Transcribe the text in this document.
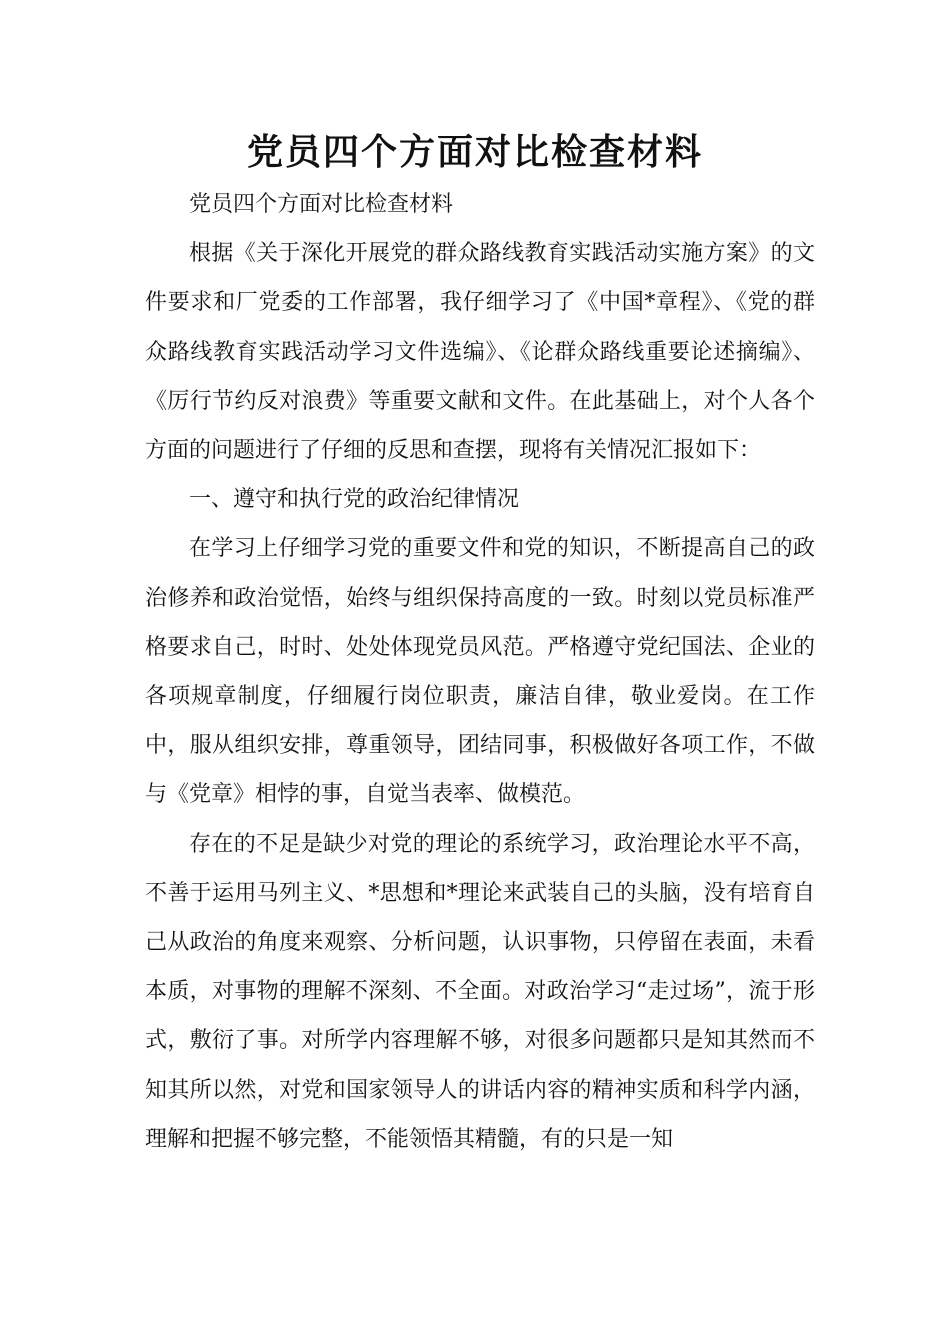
党员四个方面对比检查材料

党员四个方面对比检查材料

根据《关于深化开展党的群众路线教育实践活动实施方案》的文件要求和厂党委的工作部署，我仔细学习了《中国*章程》、《党的群众路线教育实践活动学习文件选编》、《论群众路线重要论述摘编》、《厉行节约反对浪费》等重要文献和文件。在此基础上，对个人各个方面的问题进行了仔细的反思和查摆，现将有关情况汇报如下：

一、遵守和执行党的政治纪律情况

在学习上仔细学习党的重要文件和党的知识，不断提高自己的政治修养和政治觉悟，始终与组织保持高度的一致。时刻以党员标准严格要求自己，时时、处处体现党员风范。严格遵守党纪国法、企业的各项规章制度，仔细履行岗位职责，廉洁自律，敬业爱岗。在工作中，服从组织安排，尊重领导，团结同事，积极做好各项工作，不做与《党章》相悖的事，自觉当表率、做模范。

存在的不足是缺少对党的理论的系统学习，政治理论水平不高，不善于运用马列主义、*思想和*理论来武装自己的头脑，没有培育自己从政治的角度来观察、分析问题，认识事物，只停留在表面，未看本质，对事物的理解不深刻、不全面。对政治学习“走过场”，流于形式，敷衍了事。对所学内容理解不够，对很多问题都只是知其然而不知其所以然，对党和国家领导人的讲话内容的精神实质和科学内涵，理解和把握不够完整，不能领悟其精髓，有的只是一知
